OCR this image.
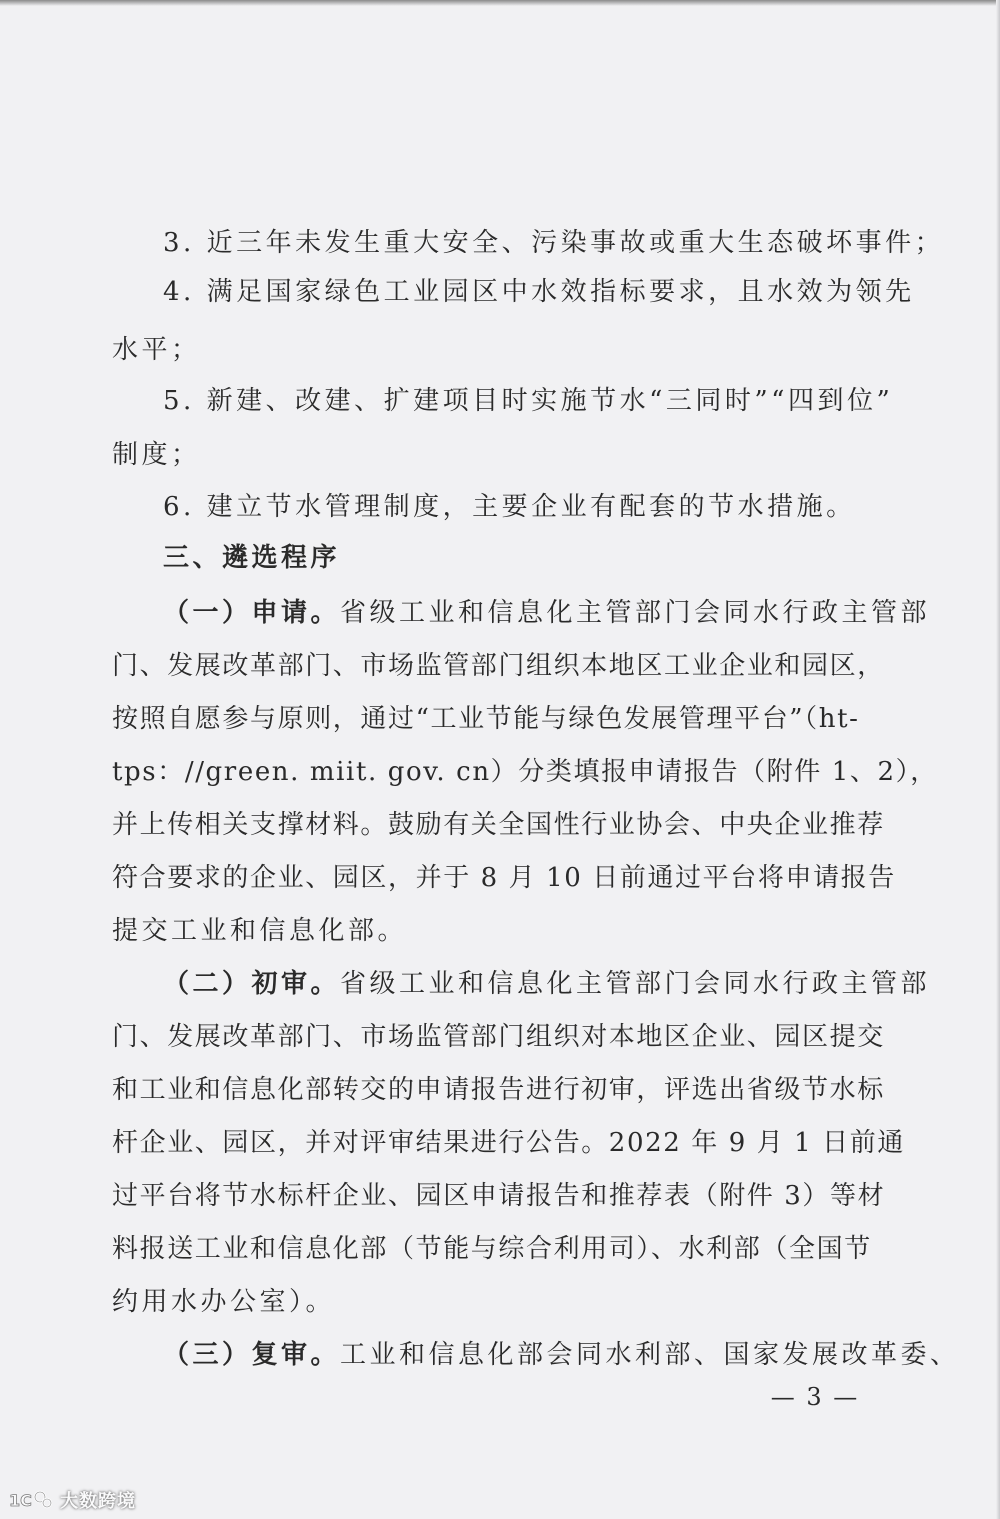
3. 近三年未发生重大安全、污染事故或重大生态破坏事件；
4. 满足国家绿色工业园区中水效指标要求，且水效为领先
水平；
5. 新建、改建、扩建项目时实施节水“三同时”“四到位”
制度；
6. 建立节水管理制度，主要企业有配套的节水措施。
三、遴选程序
（一）申请。省级工业和信息化主管部门会同水行政主管部
门、发展改革部门、市场监管部门组织本地区工业企业和园区，
按照自愿参与原则，通过“工业节能与绿色发展管理平台”（ht-
tps：//green. miit. gov. cn）分类填报申请报告（附件 1、2），
并上传相关支撑材料。鼓励有关全国性行业协会、中央企业推荐
符合要求的企业、园区，并于 8 月 10 日前通过平台将申请报告
提交工业和信息化部。
（二）初审。省级工业和信息化主管部门会同水行政主管部
门、发展改革部门、市场监管部门组织对本地区企业、园区提交
和工业和信息化部转交的申请报告进行初审，评选出省级节水标
杆企业、园区，并对评审结果进行公告。2022 年 9 月 1 日前通
过平台将节水标杆企业、园区申请报告和推荐表（附件 3）等材
料报送工业和信息化部（节能与综合利用司）、水利部（全国节
约用水办公室）。
（三）复审。工业和信息化部会同水利部、国家发展改革委、
— 3 —
1C 大数跨境
